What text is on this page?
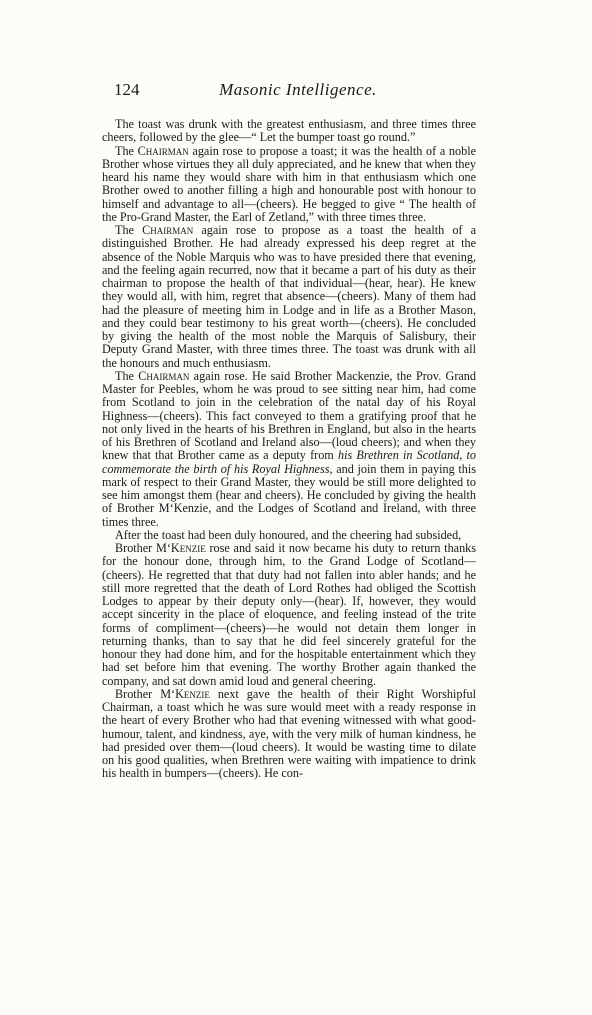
124	Masonic Intelligence.

The toast was drunk with the greatest enthusiasm, and three times three cheers, followed by the glee—“ Let the bumper toast go round.”

The Chairman again rose to propose a toast; it was the health of a noble Brother whose virtues they all duly appreciated, and he knew that when they heard his name they would share with him in that enthusiasm which one Brother owed to another filling a high and honourable post with honour to himself and advantage to all—(cheers). He begged to give “ The health of the Pro-Grand Master, the Earl of Zetland,” with three times three.

The Chairman again rose to propose as a toast the health of a distinguished Brother. He had already expressed his deep regret at the absence of the Noble Marquis who was to have presided there that evening, and the feeling again recurred, now that it became a part of his duty as their chairman to propose the health of that individual—(hear, hear). He knew they would all, with him, regret that absence—(cheers). Many of them had had the pleasure of meeting him in Lodge and in life as a Brother Mason, and they could bear testimony to his great worth—(cheers). He concluded by giving the health of the most noble the Marquis of Salisbury, their Deputy Grand Master, with three times three. The toast was drunk with all the honours and much enthusiasm.

The Chairman again rose. He said Brother Mackenzie, the Prov. Grand Master for Peebles, whom he was proud to see sitting near him, had come from Scotland to join in the celebration of the natal day of his Royal Highness—(cheers). This fact conveyed to them a gratifying proof that he not only lived in the hearts of his Brethren in England, but also in the hearts of his Brethren of Scotland and Ireland also—(loud cheers); and when they knew that that Brother came as a deputy from his Brethren in Scotland, to commemorate the birth of his Royal Highness, and join them in paying this mark of respect to their Grand Master, they would be still more delighted to see him amongst them (hear and cheers). He concluded by giving the health of Brother M‘Kenzie, and the Lodges of Scotland and Ireland, with three times three.

After the toast had been duly honoured, and the cheering had subsided,

Brother M‘Kenzie rose and said it now became his duty to return thanks for the honour done, through him, to the Grand Lodge of Scotland—(cheers). He regretted that that duty had not fallen into abler hands; and he still more regretted that the death of Lord Rothes had obliged the Scottish Lodges to appear by their deputy only—(hear). If, however, they would accept sincerity in the place of eloquence, and feeling instead of the trite forms of compliment—(cheers)—he would not detain them longer in returning thanks, than to say that he did feel sincerely grateful for the honour they had done him, and for the hospitable entertainment which they had set before him that evening. The worthy Brother again thanked the company, and sat down amid loud and general cheering.

Brother M‘Kenzie next gave the health of their Right Worshipful Chairman, a toast which he was sure would meet with a ready response in the heart of every Brother who had that evening witnessed with what good-humour, talent, and kindness, aye, with the very milk of human kindness, he had presided over them—(loud cheers). It would be wasting time to dilate on his good qualities, when Brethren were waiting with impatience to drink his health in bumpers—(cheers). He con-
